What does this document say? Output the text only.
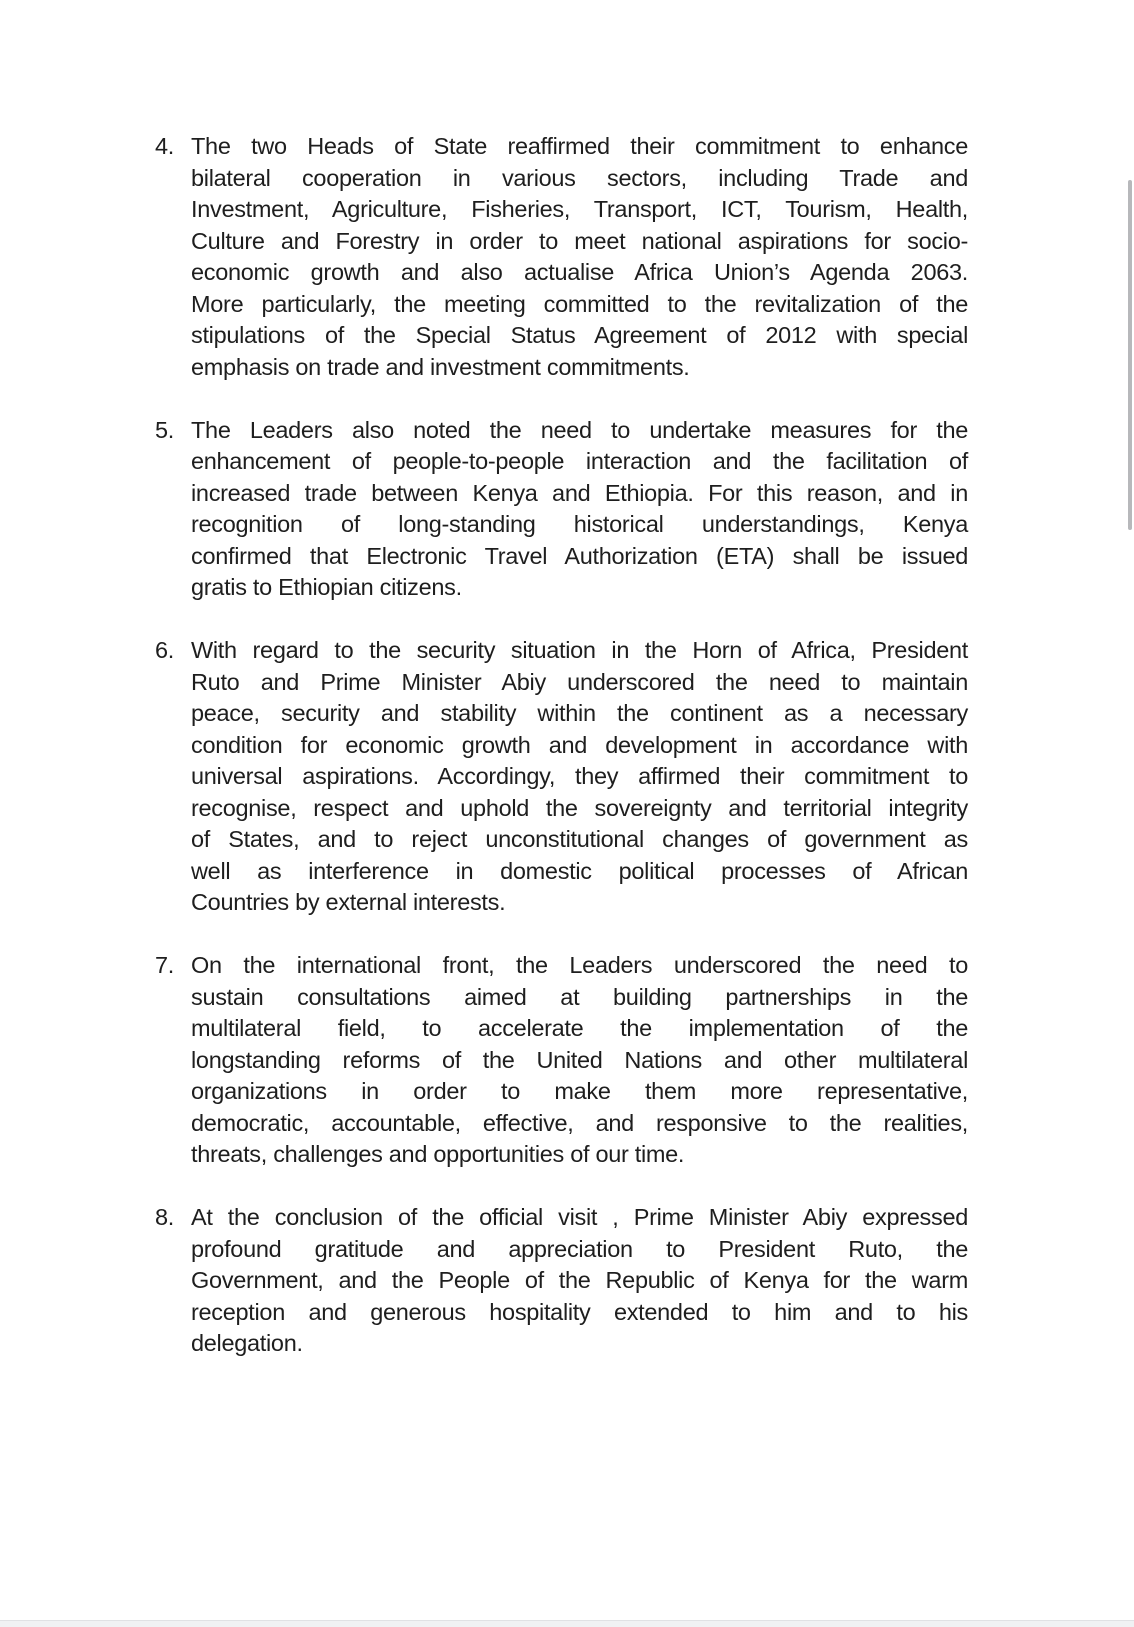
4. The two Heads of State reaffirmed their commitment to enhance
bilateral cooperation in various sectors, including Trade and
Investment, Agriculture, Fisheries, Transport, ICT, Tourism, Health,
Culture and Forestry in order to meet national aspirations for socio-
economic growth and also actualise Africa Union’s Agenda 2063.
More particularly, the meeting committed to the revitalization of the
stipulations of the Special Status Agreement of 2012 with special
emphasis on trade and investment commitments.
5. The Leaders also noted the need to undertake measures for the
enhancement of people-to-people interaction and the facilitation of
increased trade between Kenya and Ethiopia. For this reason, and in
recognition of long-standing historical understandings, Kenya
confirmed that Electronic Travel Authorization (ETA) shall be issued
gratis to Ethiopian citizens.
6. With regard to the security situation in the Horn of Africa, President
Ruto and Prime Minister Abiy underscored the need to maintain
peace, security and stability within the continent as a necessary
condition for economic growth and development in accordance with
universal aspirations. Accordingy, they affirmed their commitment to
recognise, respect and uphold the sovereignty and territorial integrity
of States, and to reject unconstitutional changes of government as
well as interference in domestic political processes of African
Countries by external interests.
7. On the international front, the Leaders underscored the need to
sustain consultations aimed at building partnerships in the
multilateral field, to accelerate the implementation of the
longstanding reforms of the United Nations and other multilateral
organizations in order to make them more representative,
democratic, accountable, effective, and responsive to the realities,
threats, challenges and opportunities of our time.
8. At the conclusion of the official visit , Prime Minister Abiy expressed
profound gratitude and appreciation to President Ruto, the
Government, and the People of the Republic of Kenya for the warm
reception and generous hospitality extended to him and to his
delegation.
